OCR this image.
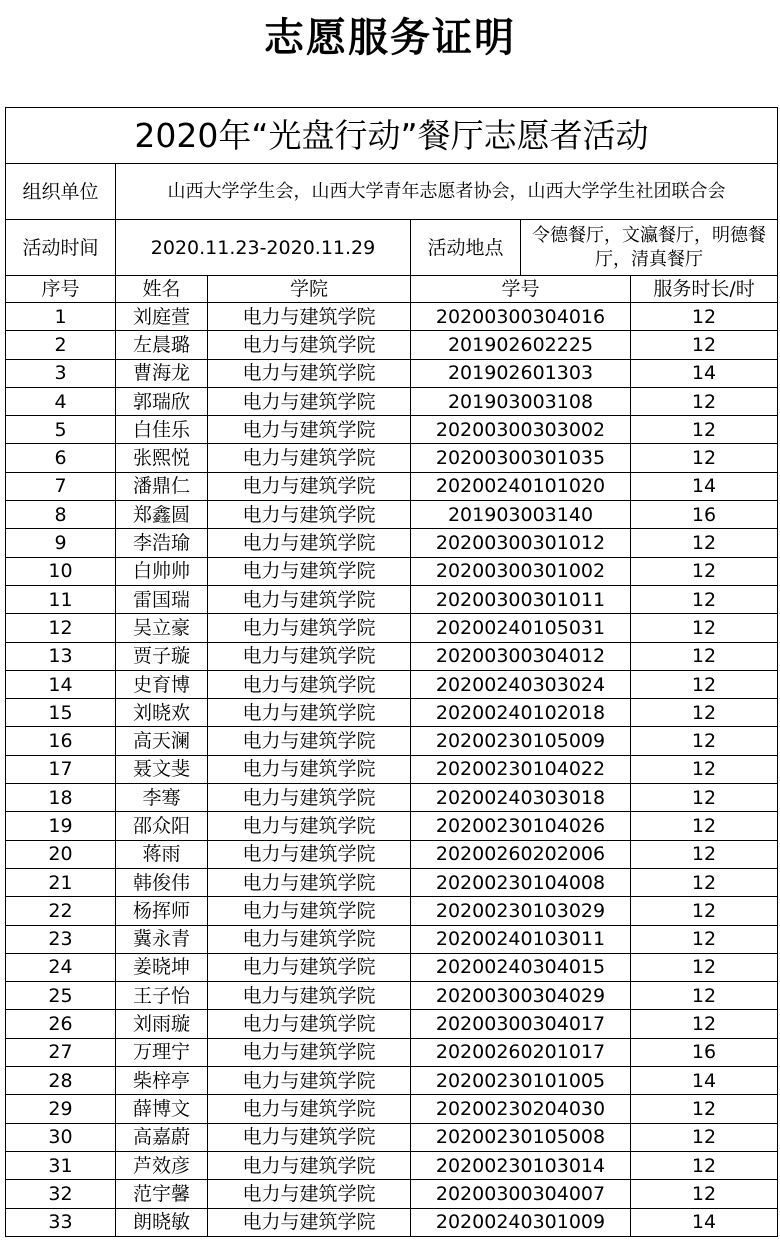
志愿服务证明
2020年“光盘行动”餐厅志愿者活动					
组织单位	山西大学学生会，山西大学青年志愿者协会，山西大学学生社团联合会				
活动时间	2020.11.23-2020.11.29		活动地点	令德餐厅，文瀛餐厅，明德餐厅，清真餐厅	
序号	姓名	学院	学号		服务时长/时
1	刘庭萱	电力与建筑学院	20200300304016		12
2	左晨璐	电力与建筑学院	201902602225		12
3	曹海龙	电力与建筑学院	201902601303		14
4	郭瑞欣	电力与建筑学院	201903003108		12
5	白佳乐	电力与建筑学院	20200300303002		12
6	张熙悦	电力与建筑学院	20200300301035		12
7	潘鼎仁	电力与建筑学院	20200240101020		14
8	郑鑫圆	电力与建筑学院	201903003140		16
9	李浩瑜	电力与建筑学院	20200300301012		12
10	白帅帅	电力与建筑学院	20200300301002		12
11	雷国瑞	电力与建筑学院	20200300301011		12
12	吴立豪	电力与建筑学院	20200240105031		12
13	贾子璇	电力与建筑学院	20200300304012		12
14	史育博	电力与建筑学院	20200240303024		12
15	刘晓欢	电力与建筑学院	20200240102018		12
16	高天澜	电力与建筑学院	20200230105009		12
17	聂文斐	电力与建筑学院	20200230104022		12
18	李骞	电力与建筑学院	20200240303018		12
19	邵众阳	电力与建筑学院	20200230104026		12
20	蒋雨	电力与建筑学院	20200260202006		12
21	韩俊伟	电力与建筑学院	20200230104008		12
22	杨挥师	电力与建筑学院	20200230103029		12
23	冀永青	电力与建筑学院	20200240103011		12
24	姜晓坤	电力与建筑学院	20200240304015		12
25	王子怡	电力与建筑学院	20200300304029		12
26	刘雨璇	电力与建筑学院	20200300304017		12
27	万理宁	电力与建筑学院	20200260201017		16
28	柴梓亭	电力与建筑学院	20200230101005		14
29	薛博文	电力与建筑学院	20200230204030		12
30	高嘉蔚	电力与建筑学院	20200230105008		12
31	芦效彦	电力与建筑学院	20200230103014		12
32	范宇馨	电力与建筑学院	20200300304007		12
33	朗晓敏	电力与建筑学院	20200240301009		14
